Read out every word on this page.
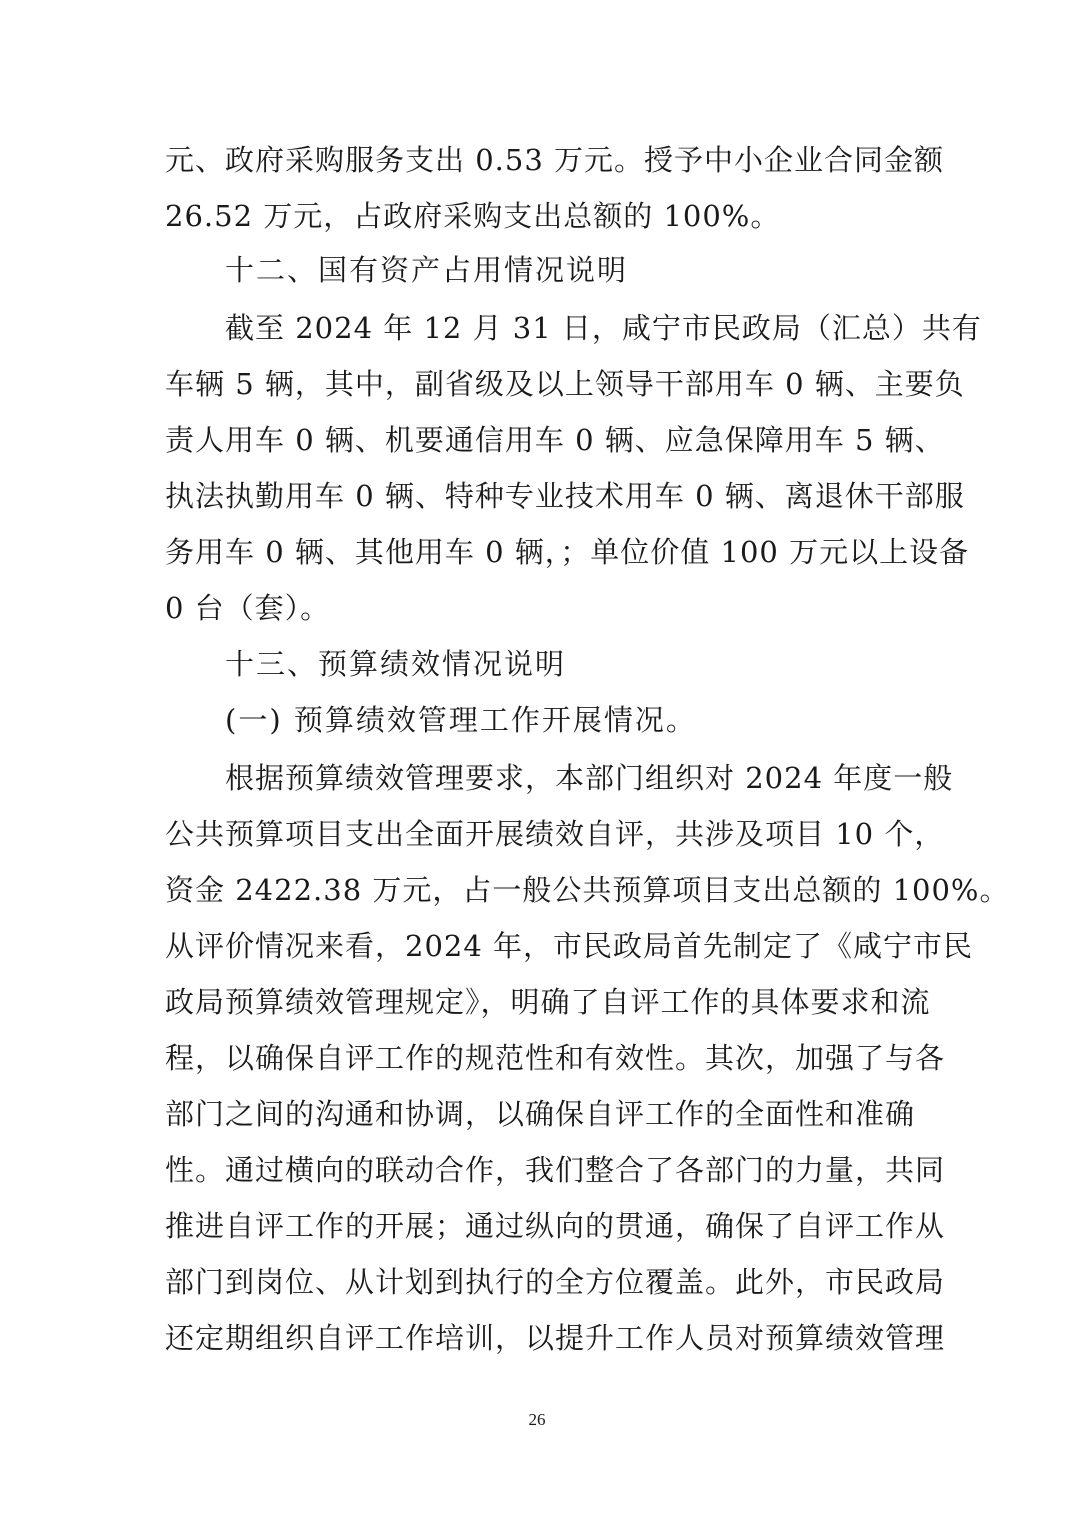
元、政府采购服务支出 0.53 万元。授予中小企业合同金额
26.52 万元，占政府采购支出总额的 100%。
十二、国有资产占用情况说明
截至 2024 年 12 月 31 日，咸宁市民政局（汇总）共有
车辆 5 辆，其中，副省级及以上领导干部用车 0 辆、主要负
责人用车 0 辆、机要通信用车 0 辆、应急保障用车 5 辆、
执法执勤用车 0 辆、特种专业技术用车 0 辆、离退休干部服
务用车 0 辆、其他用车 0 辆，；单位价值 100 万元以上设备
0 台（套）。
十三、预算绩效情况说明
(一) 预算绩效管理工作开展情况。
根据预算绩效管理要求，本部门组织对 2024 年度一般
公共预算项目支出全面开展绩效自评，共涉及项目 10 个，
资金 2422.38 万元，占一般公共预算项目支出总额的 100%。
从评价情况来看，2024 年，市民政局首先制定了《咸宁市民
政局预算绩效管理规定》，明确了自评工作的具体要求和流
程，以确保自评工作的规范性和有效性。其次，加强了与各
部门之间的沟通和协调，以确保自评工作的全面性和准确
性。通过横向的联动合作，我们整合了各部门的力量，共同
推进自评工作的开展；通过纵向的贯通，确保了自评工作从
部门到岗位、从计划到执行的全方位覆盖。此外，市民政局
还定期组织自评工作培训，以提升工作人员对预算绩效管理
26
